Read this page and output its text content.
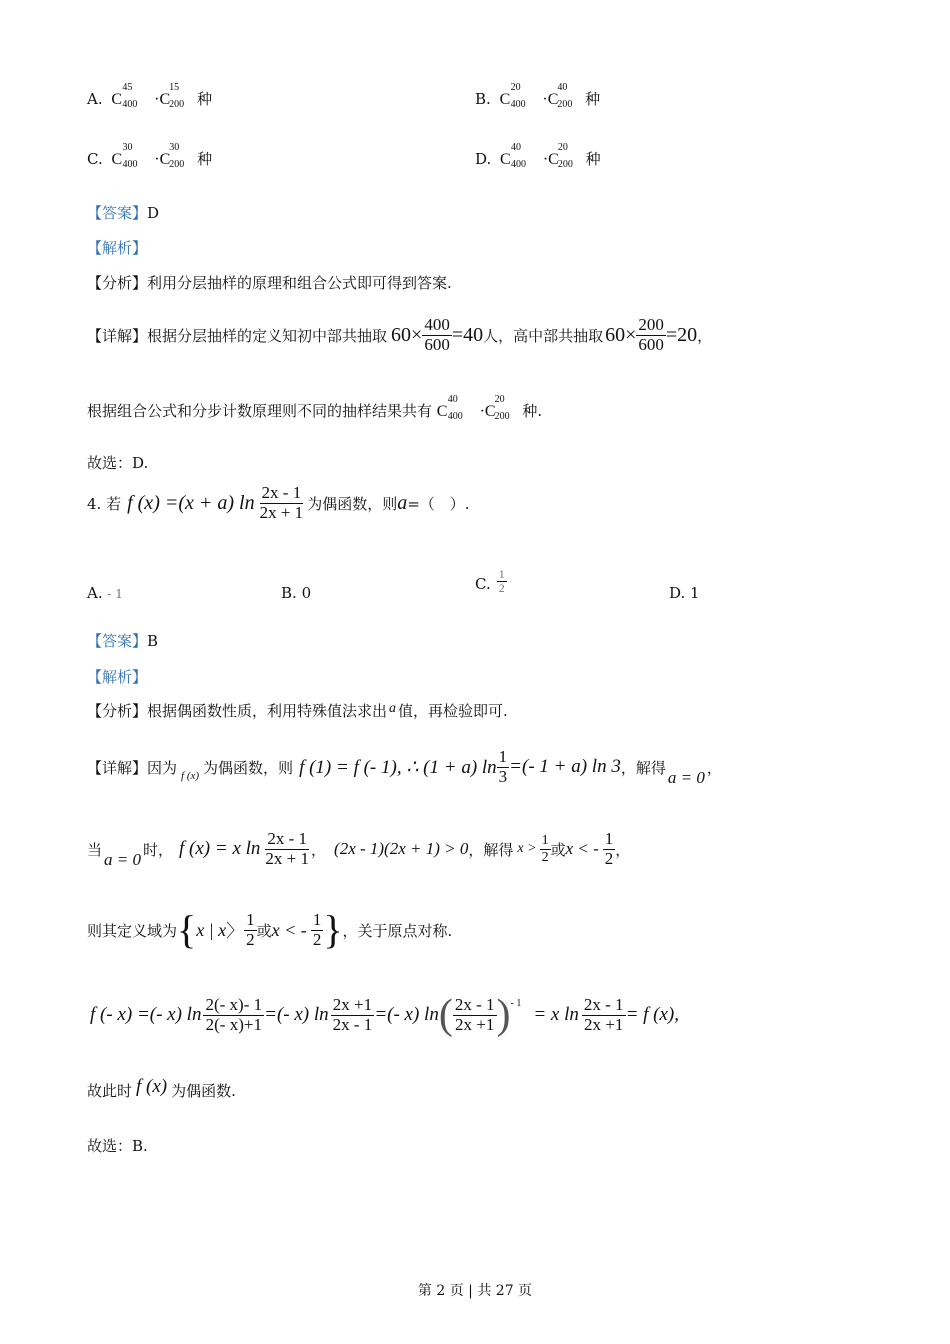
A. C
45
400 ·C
15
200 种	B. C
20
400 ·C
40
200 种
C. C
30
400 ·C
30
200 种	D. C
40
400 ·C
20
200 种
【答案】D
【解析】
【分析】利用分层抽样的原理和组合公式即可得到答案.
【详解】 根据分层抽样的定义知初中部共抽取 $60 \times \frac{400}{600} = 40$ 人，高中部共抽取 $60 \times \frac{200}{600} = 20$ ，
根据组合公式和分步计数原理则不同的抽样结果共有 C
40
400 ·C
20
200 种.
故选：D.
4. 若 f (x) =(x + a) $\ln \frac{2x - 1}{2x + 1}$ 为偶函数，则 a =（　）.
A. - 1	B. 0	C. $\frac{1}{2}$	D. 1
【答案】B
【解析】
【分析】根据偶函数性质，利用特殊值法求出 a 值，再检验即可.
【详解】 因为 f (x) 为偶函数，则 f (1) = f (- 1), ∴ (1 + a) $\ln \frac{1}{3}$ =(- 1 + a) ln 3 ，解得
a = 0
，
当
a = 0
时， f (x) = x $\ln \frac{2x - 1}{2x + 1}$ ， (2x - 1)(2x + 1) > 0 ，解得 $x > \frac{1}{2}$ 或 x < - $\frac{1}{2}$ ，
则其定义域为 { x | x 〉 $\frac{1}{2}$ 或 x < - $\frac{1}{2}$ } ，关于原点对称.
f (- x) =(- x) $\ln \frac{2(- x)- 1}{2(- x)+1}$ =(- x) $\ln \frac{2x +1}{2x - 1}$ =(- x) ln ( $\frac{2x - 1}{2x +1}$ ) - 1
= x $\ln \frac{2x - 1}{2x +1} = f$ (x),
故此时 f (x) 为偶函数.
故选：B.
第 2 页 | 共 27 页
